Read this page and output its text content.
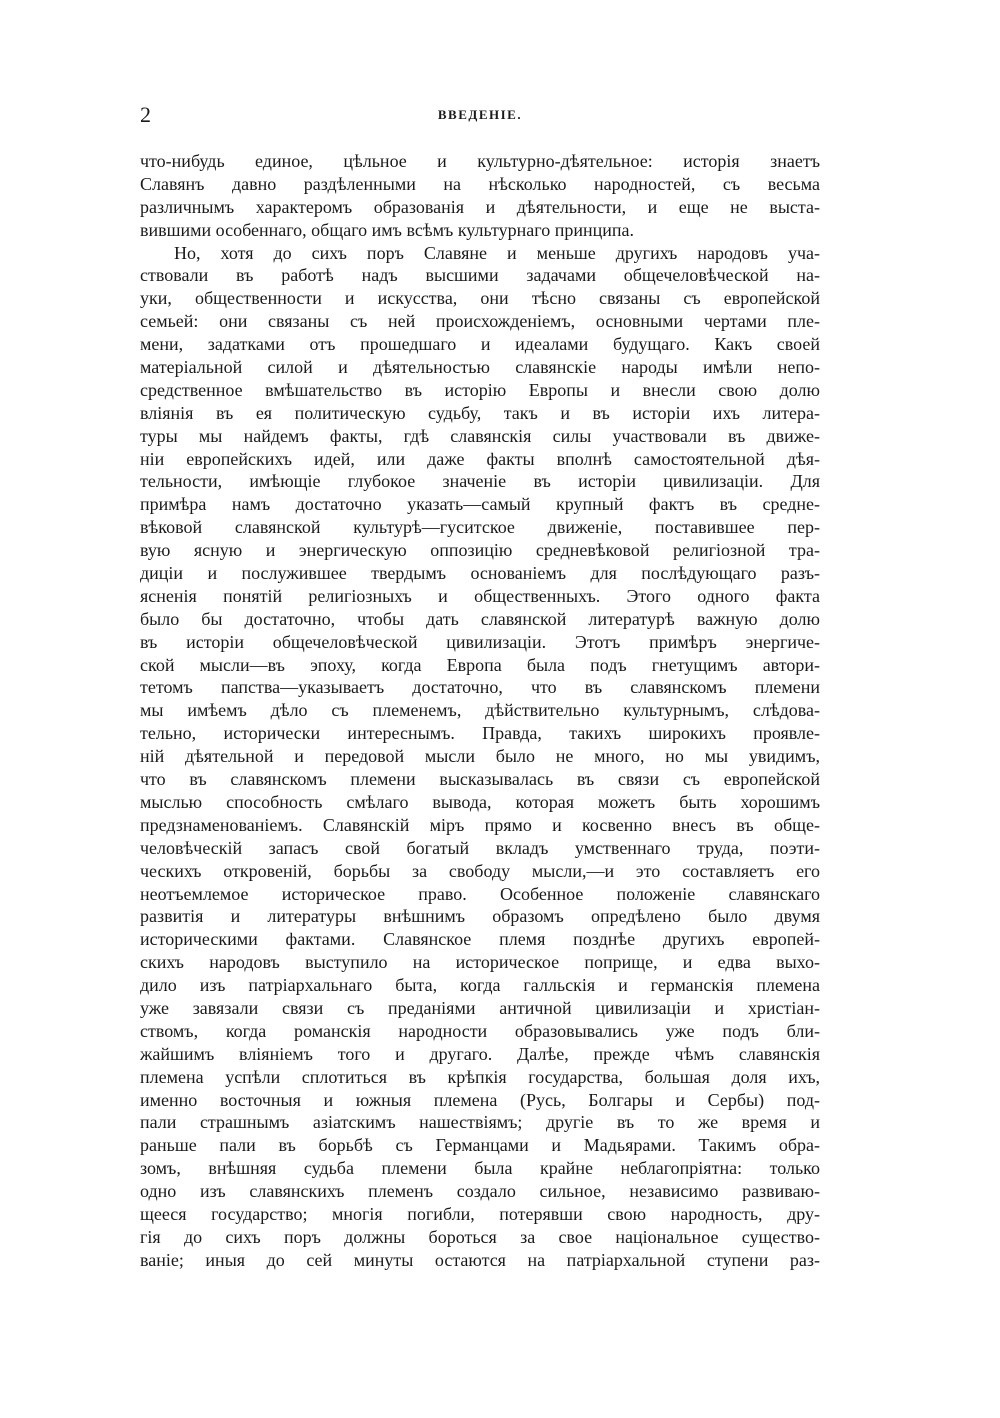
2	ВВЕДЕНІЕ.
что-нибудь единое, цѣльное и культурно-дѣятельное: исторія знаетъ
Славянъ давно раздѣленными на нѣсколько народностей, съ весьма
различнымъ характеромъ образованія и дѣятельности, и еще не выста-
вившими особеннаго, общаго имъ всѣмъ культурнаго принципа.
Но, хотя до сихъ поръ Славяне и меньше другихъ народовъ уча-
ствовали въ работѣ надъ высшими задачами общечеловѣческой на-
уки, общественности и искусства, они тѣсно связаны съ европейской
семьей: они связаны съ ней происхожденіемъ, основными чертами пле-
мени, задатками отъ прошедшаго и идеалами будущаго. Какъ своей
матеріальной силой и дѣятельностью славянскіе народы имѣли непо-
средственное вмѣшательство въ исторію Европы и внесли свою долю
вліянія въ ея политическую судьбу, такъ и въ исторіи ихъ литера-
туры мы найдемъ факты, гдѣ славянскія силы участвовали въ движе-
ніи европейскихъ идей, или даже факты вполнѣ самостоятельной дѣя-
тельности, имѣющіе глубокое значеніе въ исторіи цивилизаціи. Для
примѣра намъ достаточно указать—самый крупный фактъ въ средне-
вѣковой славянской культурѣ—гуситское движеніе, поставившее пер-
вую ясную и энергическую оппозицію средневѣковой религіозной тра-
диціи и послужившее твердымъ основаніемъ для послѣдующаго разъ-
ясненія понятій религіозныхъ и общественныхъ. Этого одного факта
было бы достаточно, чтобы дать славянской литературѣ важную долю
въ исторіи общечеловѣческой цивилизаціи. Этотъ примѣръ энергиче-
ской мысли—въ эпоху, когда Европа была подъ гнетущимъ автори-
тетомъ папства—указываетъ достаточно, что въ славянскомъ племени
мы имѣемъ дѣло съ племенемъ, дѣйствительно культурнымъ, слѣдова-
тельно, исторически интереснымъ. Правда, такихъ широкихъ проявле-
ній дѣятельной и передовой мысли было не много, но мы увидимъ,
что въ славянскомъ племени высказывалась въ связи съ европейской
мыслью способность смѣлаго вывода, которая можетъ быть хорошимъ
предзнаменованіемъ. Славянскій міръ прямо и косвенно внесъ въ обще-
человѣческій запасъ свой богатый вкладъ умственнаго труда, поэти-
ческихъ откровеній, борьбы за свободу мысли,—и это составляетъ его
неотъемлемое историческое право. Особенное положеніе славянскаго
развитія и литературы внѣшнимъ образомъ опредѣлено было двумя
историческими фактами. Славянское племя позднѣе другихъ европей-
скихъ народовъ выступило на историческое поприще, и едва выхо-
дило изъ патріархальнаго быта, когда галльскія и германскія племена
уже завязали связи съ преданіями античной цивилизаціи и христіан-
ствомъ, когда романскія народности образовывались уже подъ бли-
жайшимъ вліяніемъ того и другаго. Далѣе, прежде чѣмъ славянскія
племена успѣли сплотиться въ крѣпкія государства, большая доля ихъ,
именно восточныя и южныя племена (Русь, Болгары и Сербы) под-
пали страшнымъ азіатскимъ нашествіямъ; другіе въ то же время и
раньше пали въ борьбѣ съ Германцами и Мадьярами. Такимъ обра-
зомъ, внѣшняя судьба племени была крайне неблагопріятна: только
одно изъ славянскихъ племенъ создало сильное, независимо развиваю-
щееся государство; многія погибли, потерявши свою народность, дру-
гія до сихъ поръ должны бороться за свое національное существо-
ваніе; иныя до сей минуты остаются на патріархальной ступени раз-
